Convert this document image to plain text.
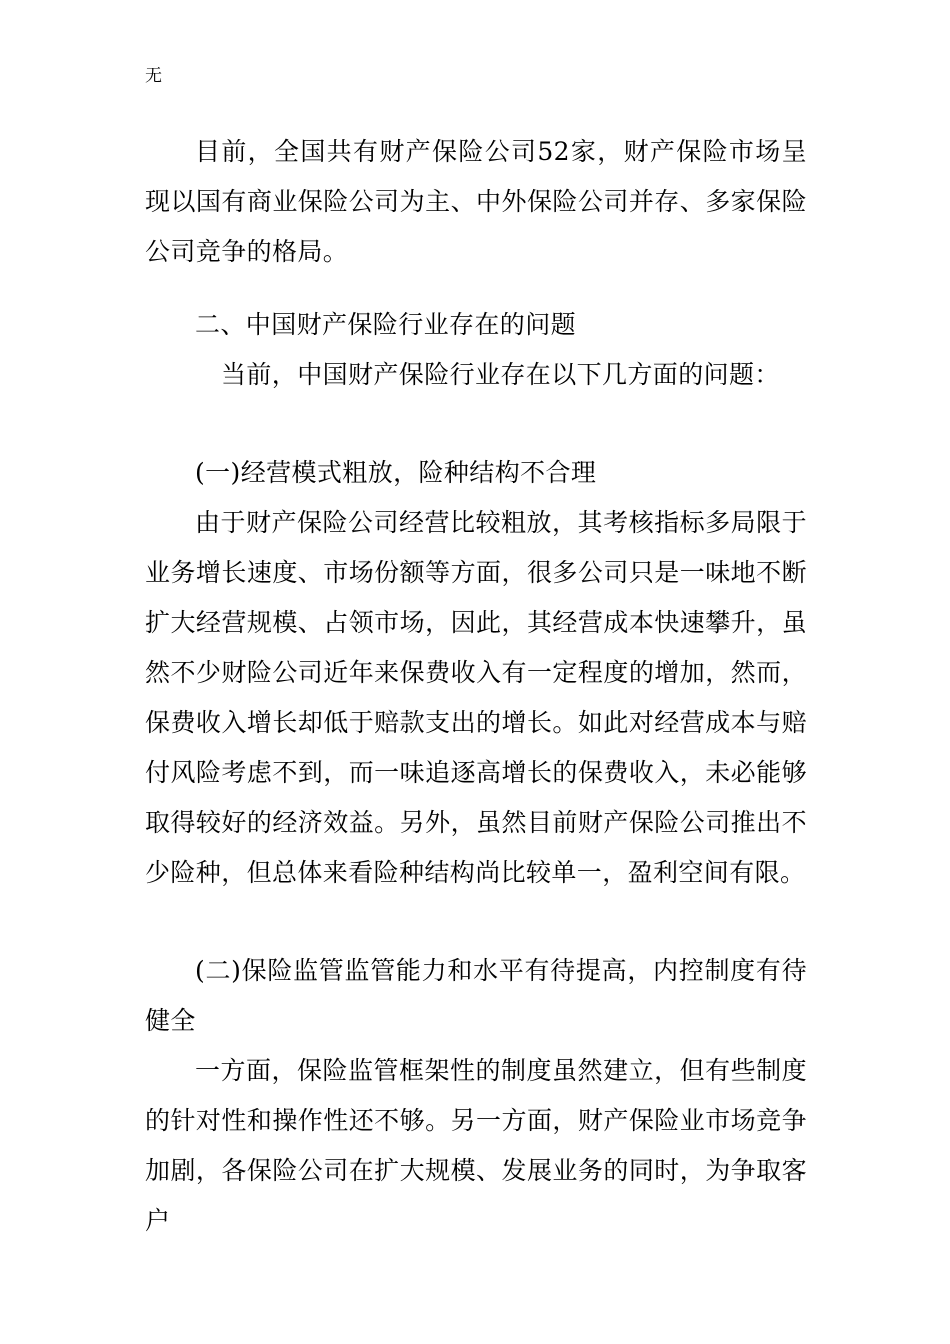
无

目前，全国共有财产保险公司52家，财产保险市场呈现以国有商业保险公司为主、中外保险公司并存、多家保险公司竞争的格局。

二、中国财产保险行业存在的问题

当前，中国财产保险行业存在以下几方面的问题：

(一)经营模式粗放，险种结构不合理

由于财产保险公司经营比较粗放，其考核指标多局限于业务增长速度、市场份额等方面，很多公司只是一味地不断扩大经营规模、占领市场，因此，其经营成本快速攀升，虽然不少财险公司近年来保费收入有一定程度的增加，然而，保费收入增长却低于赔款支出的增长。如此对经营成本与赔付风险考虑不到，而一味追逐高增长的保费收入，未必能够取得较好的经济效益。另外，虽然目前财产保险公司推出不少险种，但总体来看险种结构尚比较单一，盈利空间有限。

(二)保险监管监管能力和水平有待提高，内控制度有待健全

一方面，保险监管框架性的制度虽然建立，但有些制度的针对性和操作性还不够。另一方面，财产保险业市场竞争加剧，各保险公司在扩大规模、发展业务的同时，为争取客户
